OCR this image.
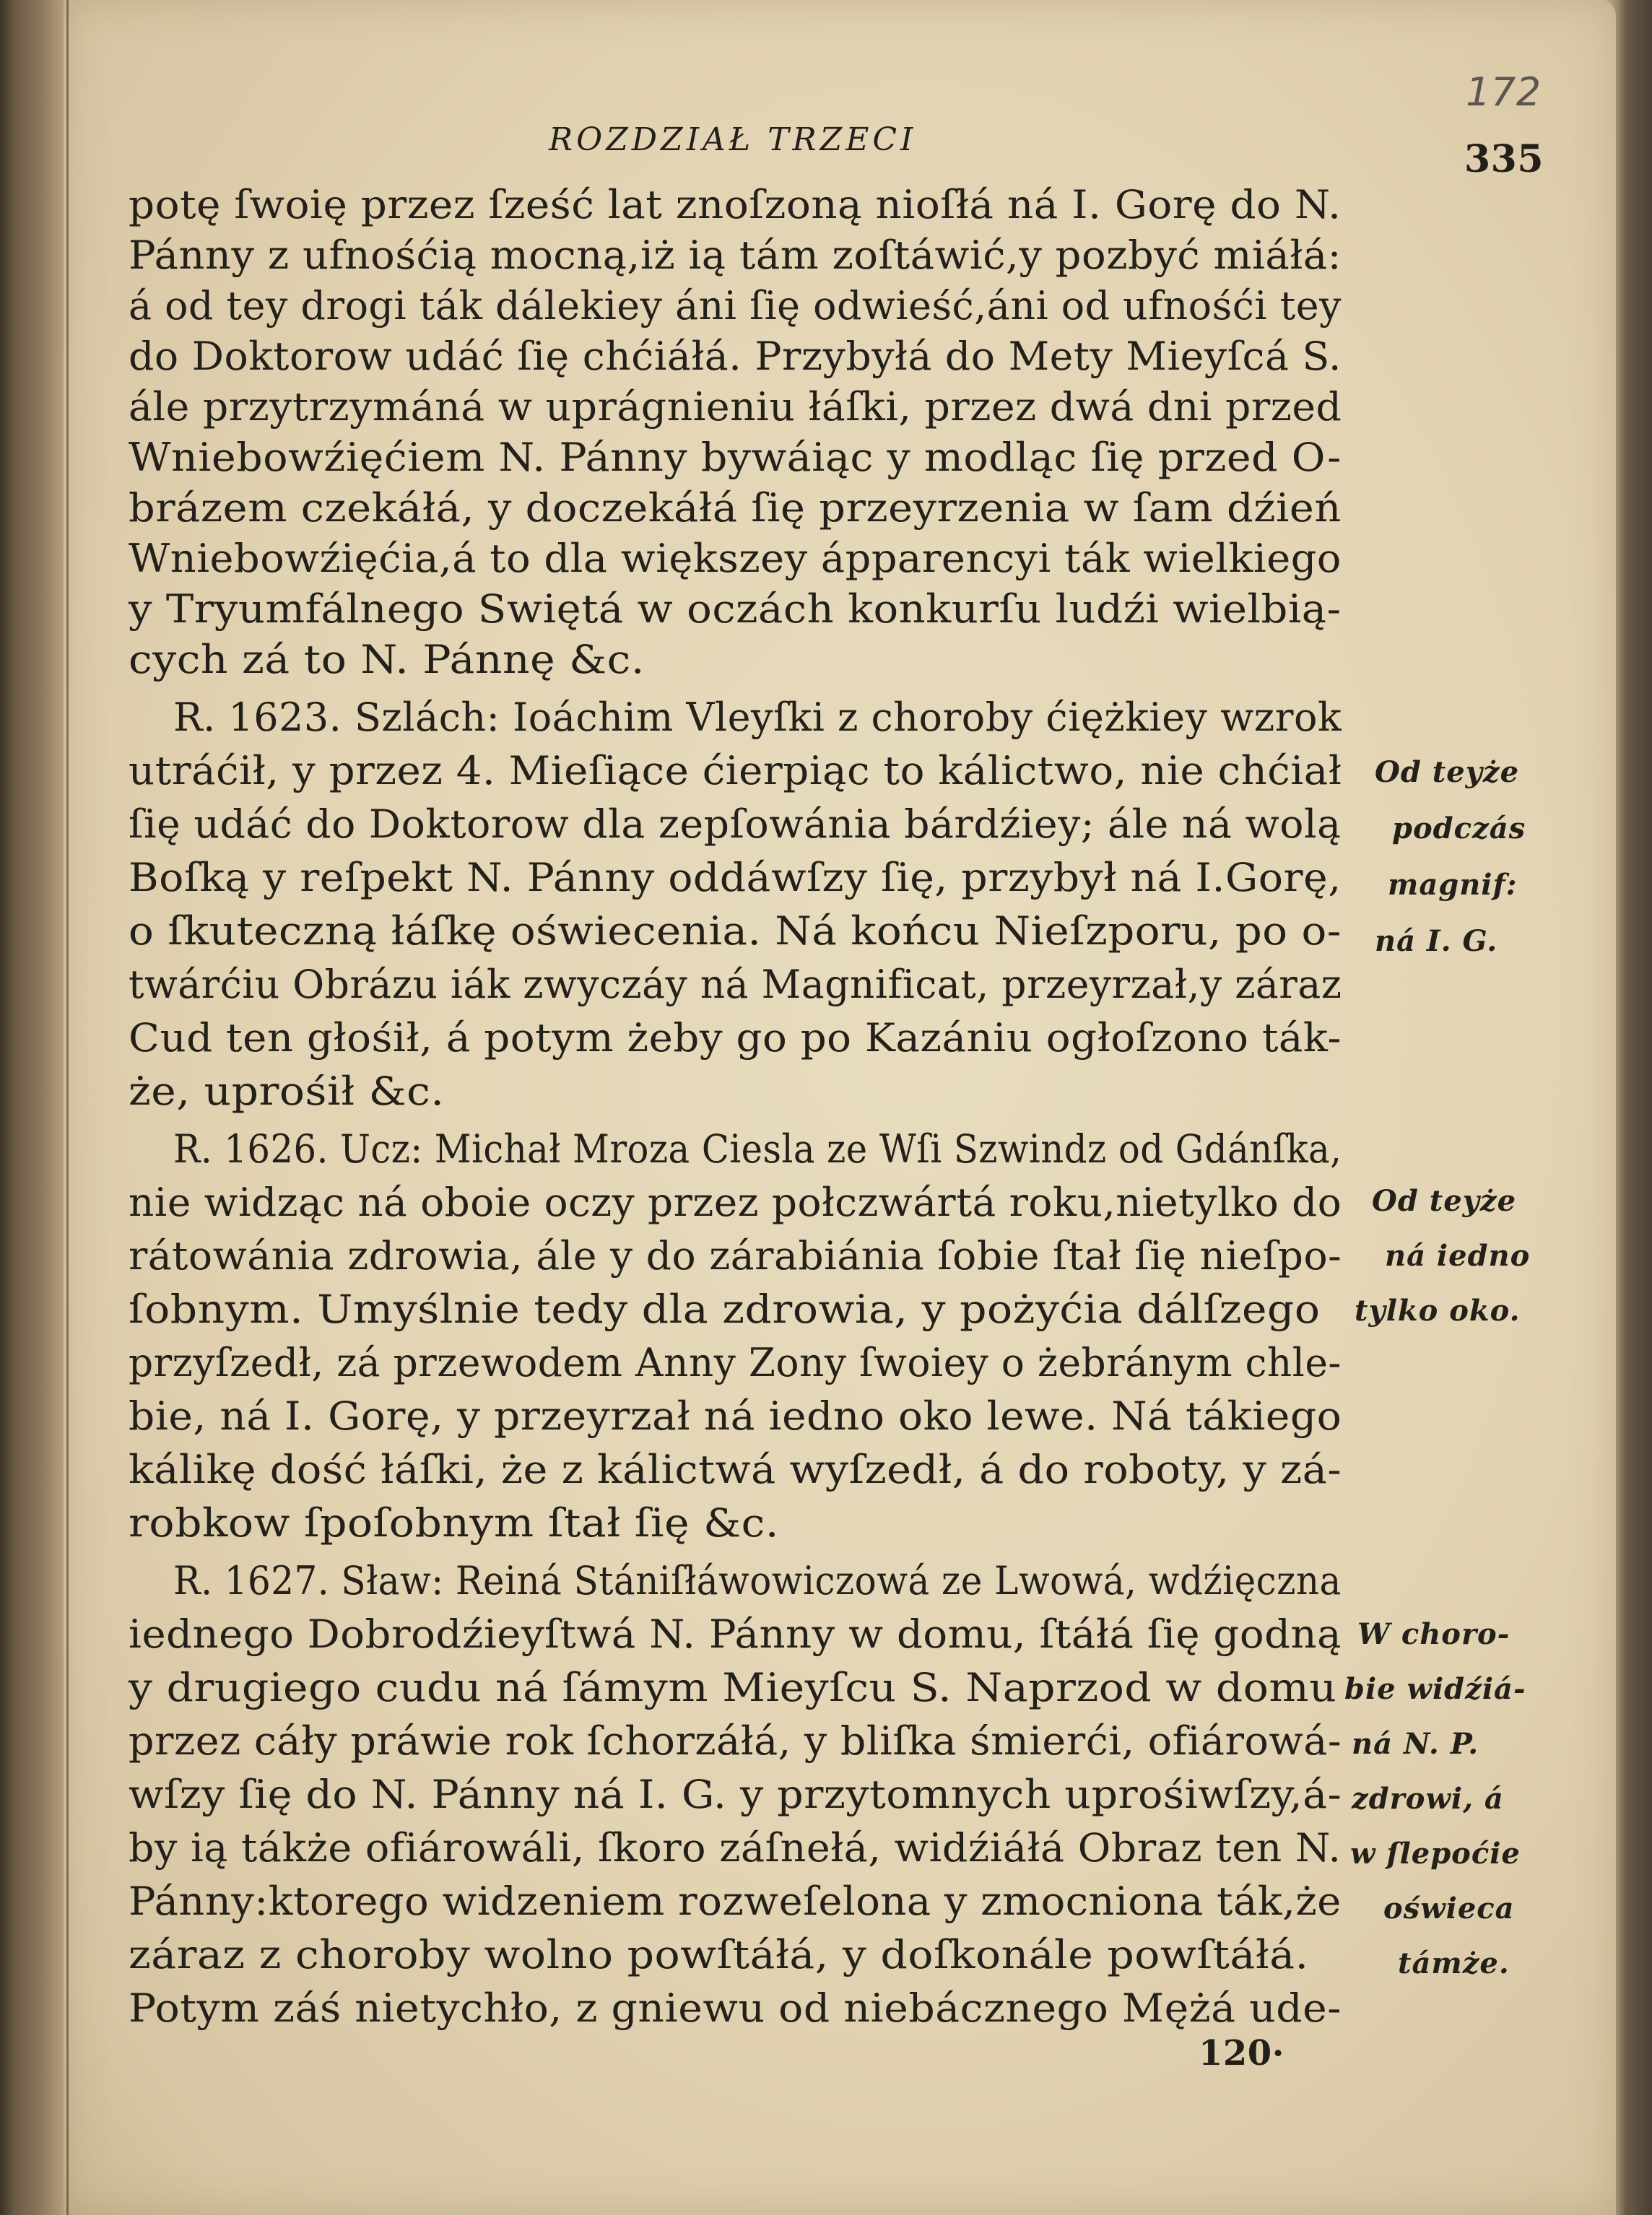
172
ROZDZIAŁ TRZECI	335
potę ſwoię przez ſześć lat znoſzoną nioſłá ná I. Gorę do N.
Pánny z ufnośćią mocną,iż ią tám zoſtáwić,y pozbyć miáłá:
á od tey drogi ták dálekiey áni ſię odwieść,áni od ufnośći tey
do Doktorow udáć ſię chćiáłá. Przybyłá do Mety Mieyſcá S.
ále przytrzymáná w uprágnieniu łáſki, przez dwá dni przed
Wniebowźięćiem N. Pánny bywáiąc y modląc ſię przed O-
brázem czekáłá, y doczekáłá ſię przeyrzenia w ſam dźień
Wniebowźięćia,á to dla większey ápparencyi ták wielkiego
y Tryumfálnego Swiętá w oczách konkurſu ludźi wielbią-
cych zá to N. Pánnę &c.
R. 1623. Szlách: Ioáchim Vleyſki z choroby ćiężkiey wzrok
utráćił, y przez 4. Mieſiące ćierpiąc to kálictwo, nie chćiał
ſię udáć do Doktorow dla zepſowánia bárdźiey; ále ná wolą
Boſką y reſpekt N. Pánny oddáwſzy ſię, przybył ná I.Gorę,
o ſkuteczną łáſkę oświecenia. Ná końcu Nieſzporu, po o-
twárćiu Obrázu iák zwyczáy ná Magnificat, przeyrzał,y záraz
Cud ten głośił, á potym żeby go po Kazániu ogłoſzono ták-
że, uprośił &c.
R. 1626. Ucz: Michał Mroza Ciesla ze Wſi Szwindz od Gdánſka,
nie widząc ná oboie oczy przez połczwártá roku,nietylko do
rátowánia zdrowia, ále y do zárabiánia ſobie ſtał ſię nieſpo-
ſobnym. Umyślnie tedy dla zdrowia, y pożyćia dálſzego
przyſzedł, zá przewodem Anny Zony ſwoiey o żebránym chle-
bie, ná I. Gorę, y przeyrzał ná iedno oko lewe. Ná tákiego
kálikę dość łáſki, że z kálictwá wyſzedł, á do roboty, y zá-
robkow ſpoſobnym ſtał ſię &c.
R. 1627. Sław: Reiná Stániſłáwowiczowá ze Lwowá, wdźięczna
iednego Dobrodźieyſtwá N. Pánny w domu, ſtáłá ſię godną
y drugiego cudu ná ſámym Mieyſcu S. Naprzod w domu
przez cáły práwie rok ſchorzáłá, y bliſka śmierći, ofiárowá-
wſzy ſię do N. Pánny ná I. G. y przytomnych uprośiwſzy,á-
by ią tákże ofiárowáli, ſkoro záſnełá, widźiáłá Obraz ten N.
Pánny:ktorego widzeniem rozweſelona y zmocniona ták,że
záraz z choroby wolno powſtáłá, y doſkonále powſtáłá.
Potym záś nietychło, z gniewu od niebácznego Mężá ude-
Od teyże
podczás
magnif:
ná I. G.
Od teyże
ná iedno
tylko oko.
W choro-
bie widźiá-
ná N. P.
zdrowi, á
w ſlepoćie
oświeca
támże.
120·
